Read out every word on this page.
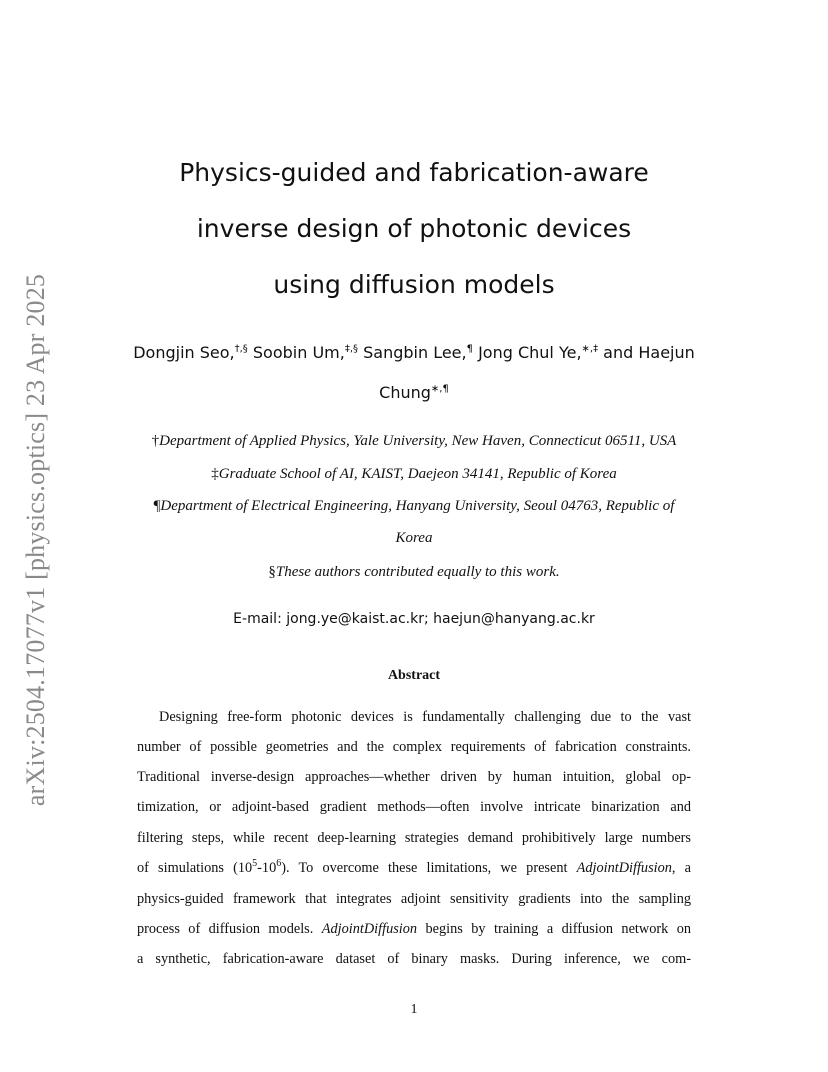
arXiv:2504.17077v1 [physics.optics] 23 Apr 2025
Physics-guided and fabrication-aware
inverse design of photonic devices
using diffusion models
Dongjin Seo,†,§ Soobin Um,‡,§ Sangbin Lee,¶ Jong Chul Ye,∗,‡ and Haejun
Chung∗,¶
†Department of Applied Physics, Yale University, New Haven, Connecticut 06511, USA
‡Graduate School of AI, KAIST, Daejeon 34141, Republic of Korea
¶Department of Electrical Engineering, Hanyang University, Seoul 04763, Republic of
Korea
§These authors contributed equally to this work.
E-mail: jong.ye@kaist.ac.kr; haejun@hanyang.ac.kr
Abstract
Designing free-form photonic devices is fundamentally challenging due to the vast
number of possible geometries and the complex requirements of fabrication constraints.
Traditional inverse-design approaches—whether driven by human intuition, global op-
timization, or adjoint-based gradient methods—often involve intricate binarization and
filtering steps, while recent deep-learning strategies demand prohibitively large numbers
of simulations $(10^5-10^6)$. To overcome these limitations, we present AdjointDiffusion, a
physics-guided framework that integrates adjoint sensitivity gradients into the sampling
process of diffusion models. AdjointDiffusion begins by training a diffusion network on
a synthetic, fabrication-aware dataset of binary masks. During inference, we com-
1
